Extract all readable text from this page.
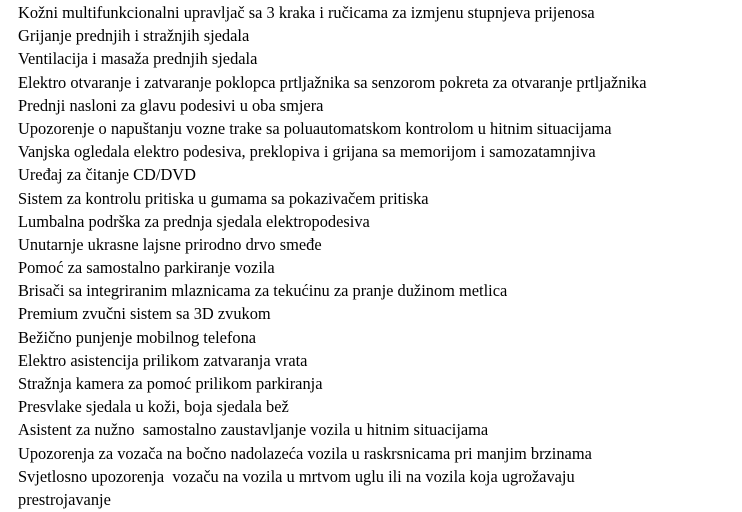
Kožni multifunkcionalni upravljač sa 3 kraka i ručicama za izmjenu stupnjeva prijenosa
Grijanje prednjih i stražnjih sjedala
Ventilacija i masaža prednjih sjedala
Elektro otvaranje i zatvaranje poklopca prtljažnika sa senzorom pokreta za otvaranje prtljažnika
Prednji nasloni za glavu podesivi u oba smjera
Upozorenje o napuštanju vozne trake sa poluautomatskom kontrolom u hitnim situacijama
Vanjska ogledala elektro podesiva, preklopiva i grijana sa memorijom i samozatamnjiva
Uređaj za čitanje CD/DVD
Sistem za kontrolu pritiska u gumama sa pokazivačem pritiska
Lumbalna podrška za prednja sjedala elektropodesiva
Unutarnje ukrasne lajsne prirodno drvo smeđe
Pomoć za samostalno parkiranje vozila
Brisači sa integriranim mlaznicama za tekućinu za pranje dužinom metlica
Premium zvučni sistem sa 3D zvukom
Bežično punjenje mobilnog telefona
Elektro asistencija prilikom zatvaranja vrata
Stražnja kamera za pomoć prilikom parkiranja
Presvlake sjedala u koži, boja sjedala bež
Asistent za nužno  samostalno zaustavljanje vozila u hitnim situacijama
Upozorenja za vozača na bočno nadolazeća vozila u raskrsnicama pri manjim brzinama
Svjetlosno upozorenja  vozaču na vozila u mrtvom uglu ili na vozila koja ugrožavaju
prestrojavanje
